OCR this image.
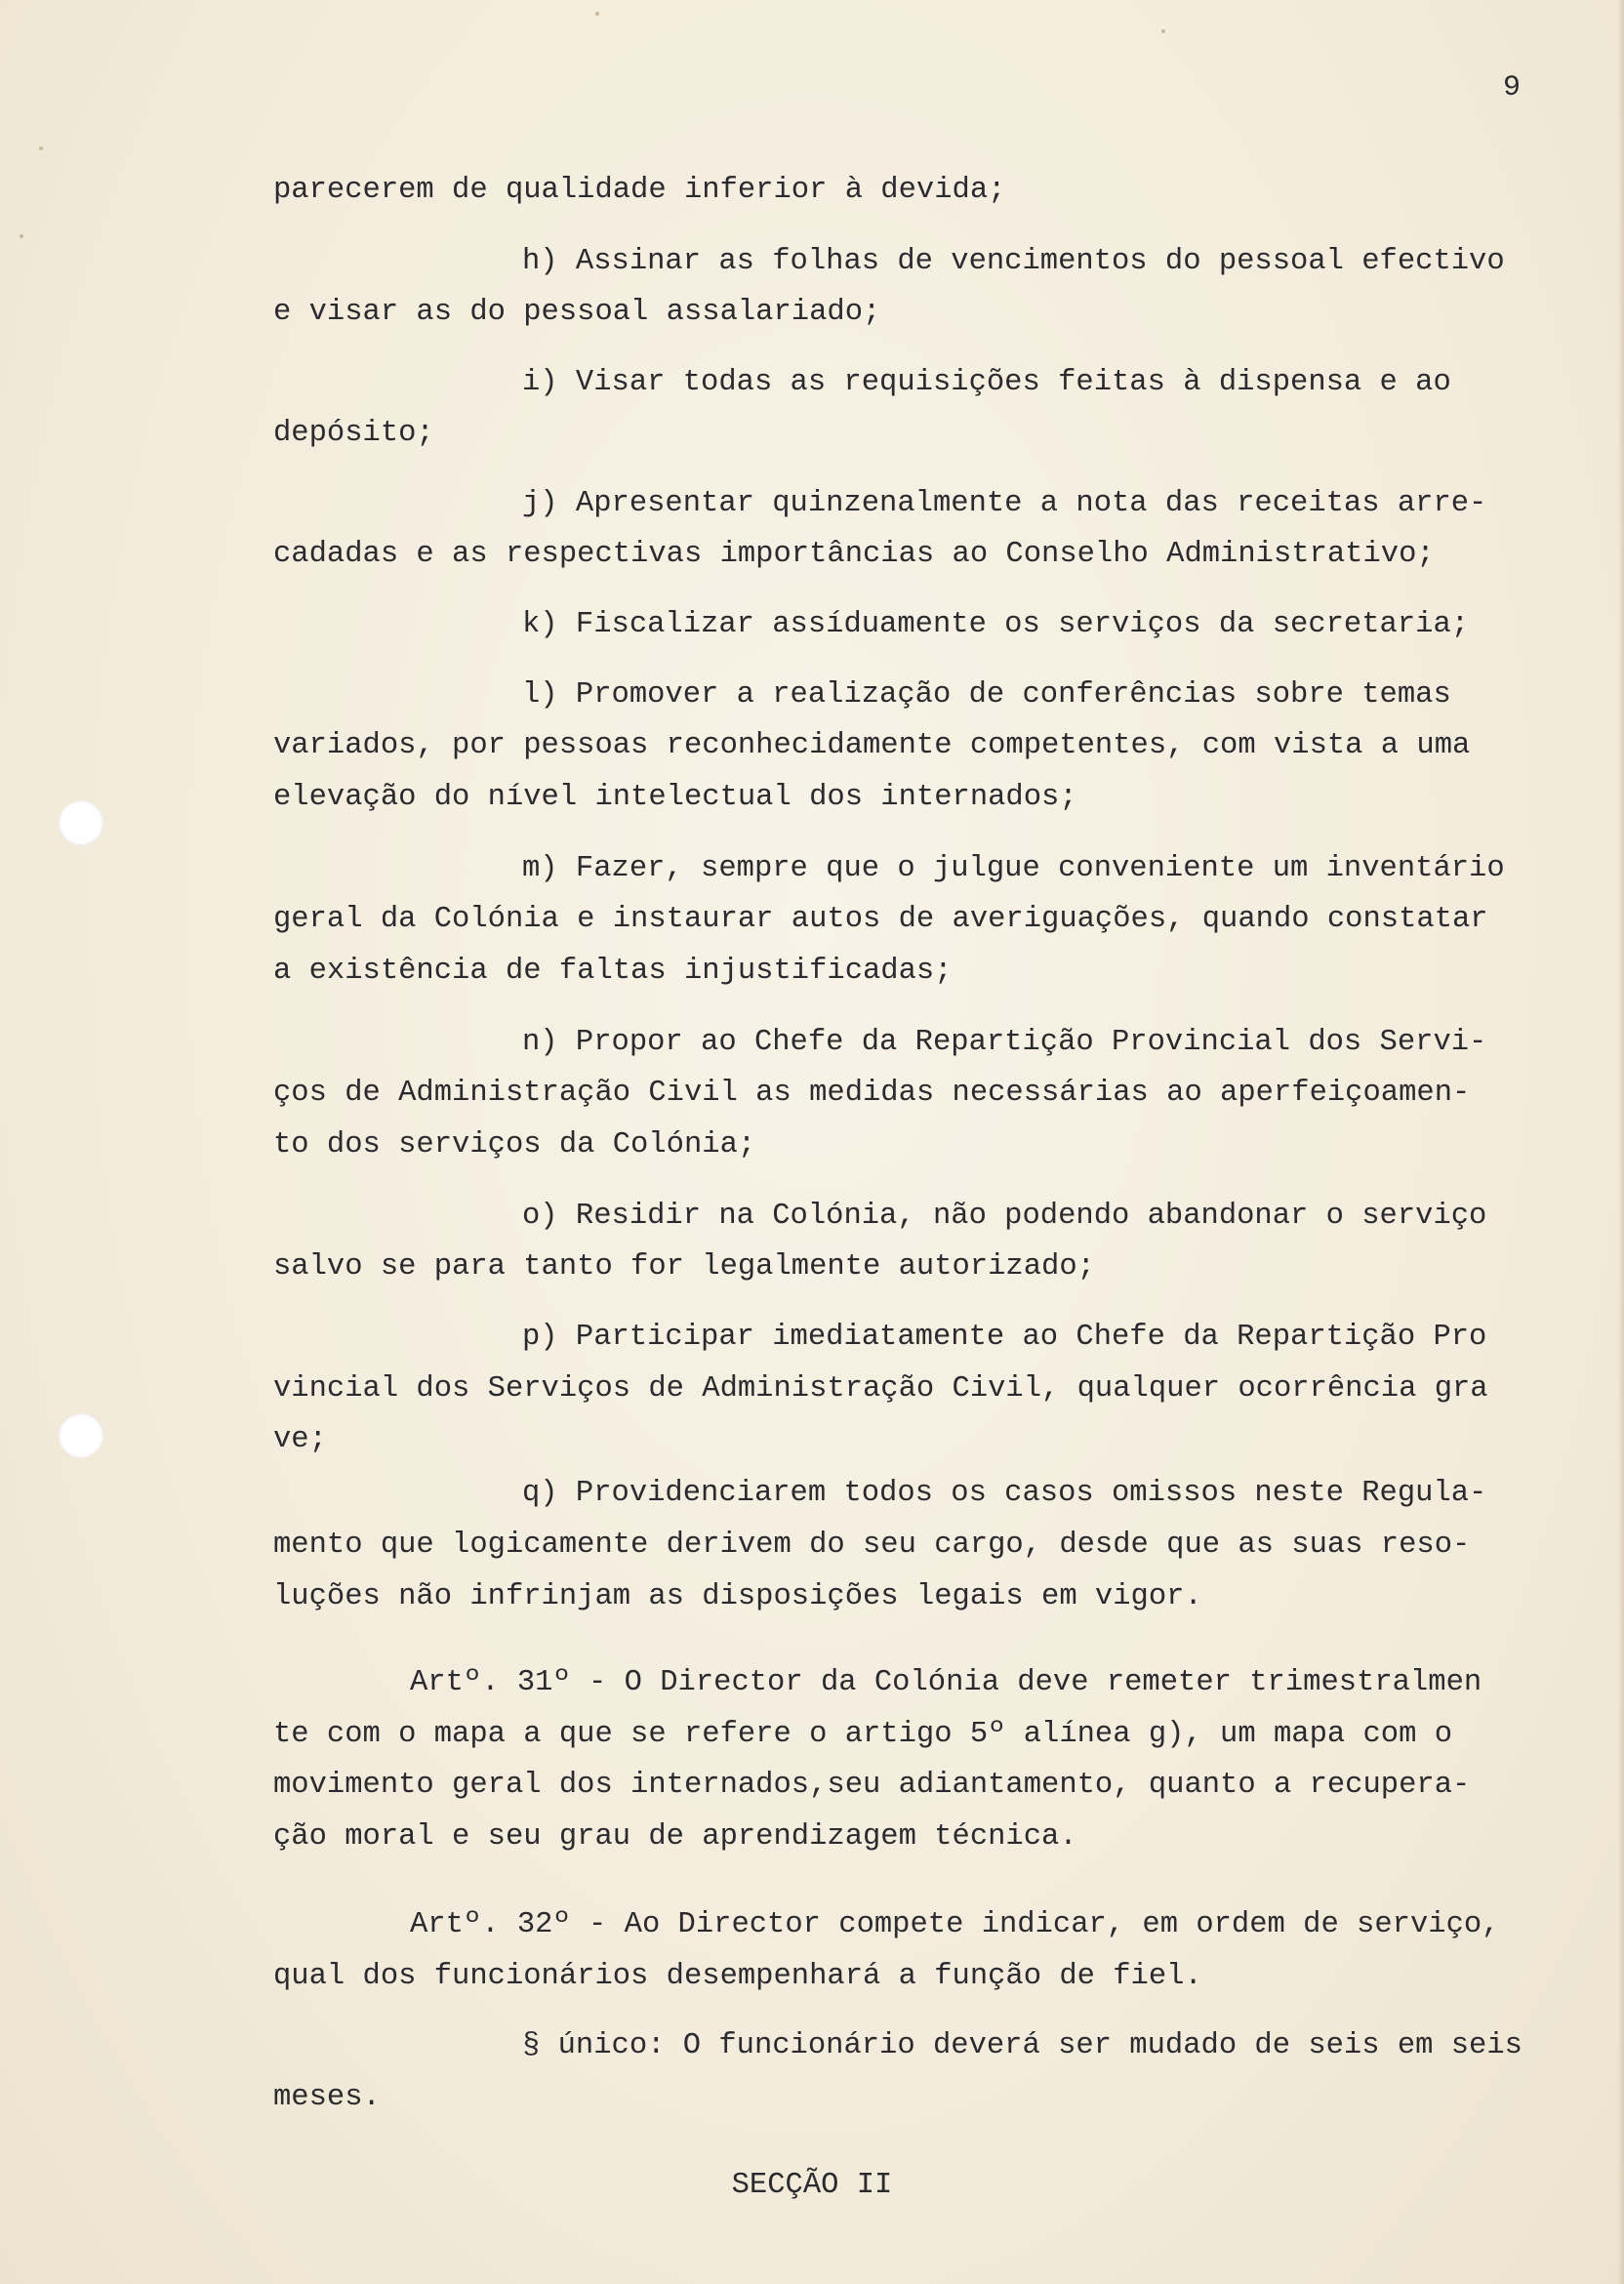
9
parecerem de qualidade inferior à devida;
h) Assinar as folhas de vencimentos do pessoal efectivo
e visar as do pessoal assalariado;
i) Visar todas as requisições feitas à dispensa e ao
depósito;
j) Apresentar quinzenalmente a nota das receitas arre-
cadadas e as respectivas importâncias ao Conselho Administrativo;
k) Fiscalizar assíduamente os serviços da secretaria;
l) Promover a realização de conferências sobre temas
variados, por pessoas reconhecidamente competentes, com vista a uma
elevação do nível intelectual dos internados;
m) Fazer, sempre que o julgue conveniente um inventário
geral da Colónia e instaurar autos de averiguações, quando constatar
a existência de faltas injustificadas;
n) Propor ao Chefe da Repartição Provincial dos Servi-
ços de Administração Civil as medidas necessárias ao aperfeiçoamen-
to dos serviços da Colónia;
o) Residir na Colónia, não podendo abandonar o serviço
salvo se para tanto for legalmente autorizado;
p) Participar imediatamente ao Chefe da Repartição Pro
vincial dos Serviços de Administração Civil, qualquer ocorrência gra
ve;
q) Providenciarem todos os casos omissos neste Regula-
mento que logicamente derivem do seu cargo, desde que as suas reso-
luções não infrinjam as disposições legais em vigor.
Artº. 31º - O Director da Colónia deve remeter trimestralmen
te com o mapa a que se refere o artigo 5º alínea g), um mapa com o
movimento geral dos internados,seu adiantamento, quanto a recupera-
ção moral e seu grau de aprendizagem técnica.
Artº. 32º - Ao Director compete indicar, em ordem de serviço,
qual dos funcionários desempenhará a função de fiel.
§ único: O funcionário deverá ser mudado de seis em seis
meses.
SECÇÃO II
